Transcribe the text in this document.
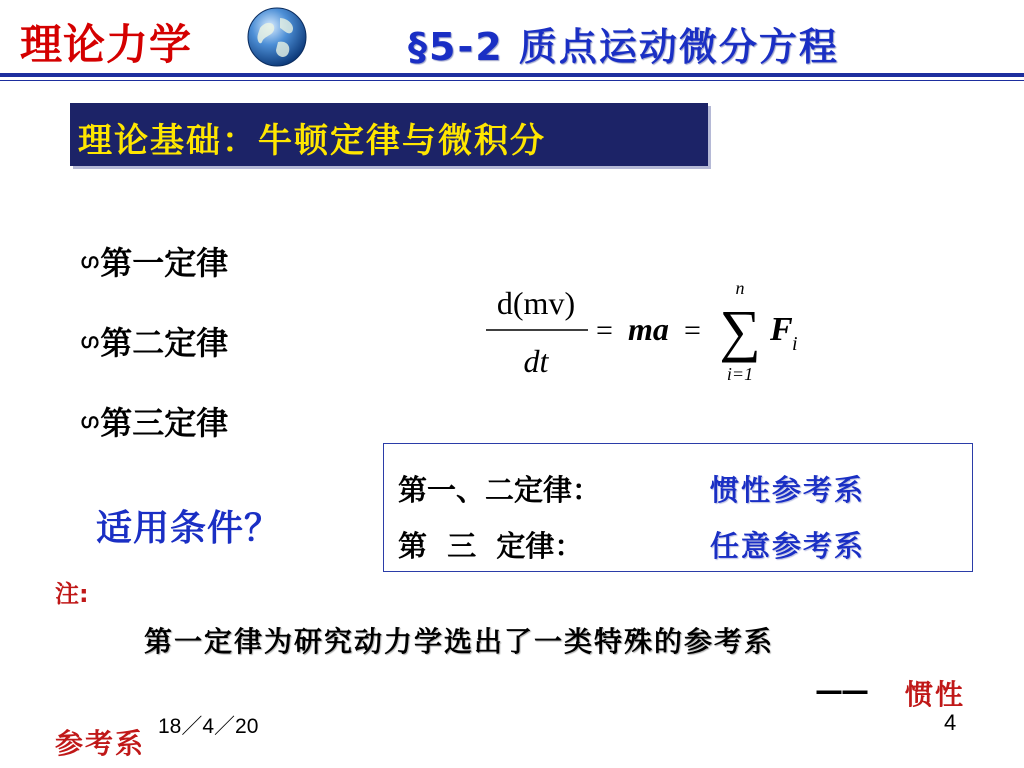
理论力学	§5-2 质点运动微分方程
理论基础：牛顿定律与微积分
ഗ第一定律
ഗ第二定律
ഗ第三定律
d(mv)
dt
= ma =
n
∑
i=1
F i
适用条件？
第一、二定律：	惯性参考系
第  三  定律：	任意参考系
注:
第一定律为研究动力学选出了一类特殊的参考系
—— 惯性
参考系
18／4／20	4
